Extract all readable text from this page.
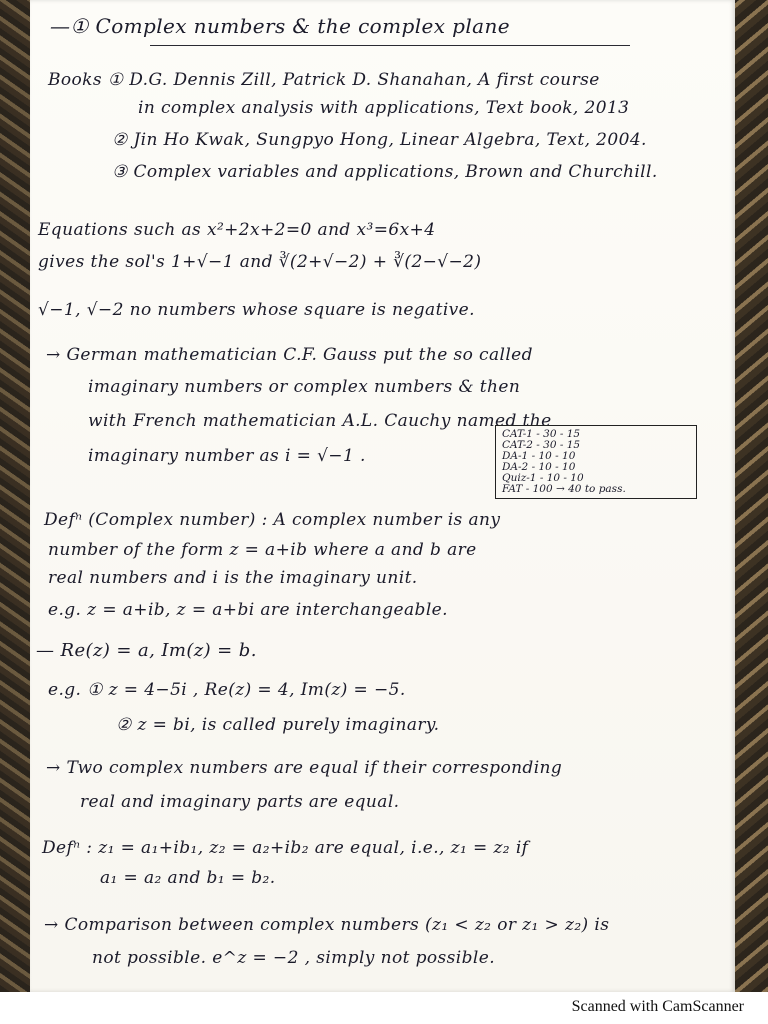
—① Complex numbers & the complex plane
Books ① D.G. Dennis Zill, Patrick D. Shanahan, A first course
in complex analysis with applications, Text book, 2013
② Jin Ho Kwak, Sungpyo Hong, Linear Algebra, Text, 2004.
③ Complex variables and applications, Brown and Churchill.
Equations such as x²+2x+2=0 and x³=6x+4
gives the sol's 1+√−1 and ∛(2+√−2) + ∛(2−√−2)
√−1, √−2 no numbers whose square is negative.
→ German mathematician C.F. Gauss put the so called
imaginary numbers or complex numbers & then
with French mathematician A.L. Cauchy named the
imaginary number as i = √−1 .
CAT-1 - 30 - 15
CAT-2 - 30 - 15
DA-1 - 10 - 10
DA-2 - 10 - 10
Quiz-1 - 10 - 10
FAT - 100 → 40 to pass.
Defⁿ (Complex number) : A complex number is any
number of the form z = a+ib where a and b are
real numbers and i is the imaginary unit.
e.g. z = a+ib, z = a+bi are interchangeable.
— Re(z) = a, Im(z) = b.
e.g. ① z = 4−5i , Re(z) = 4, Im(z) = −5.
② z = bi, is called purely imaginary.
→ Two complex numbers are equal if their corresponding
real and imaginary parts are equal.
Defⁿ : z₁ = a₁+ib₁, z₂ = a₂+ib₂ are equal, i.e., z₁ = z₂ if
a₁ = a₂ and b₁ = b₂.
→ Comparison between complex numbers (z₁ < z₂ or z₁ > z₂) is
not possible. e^z = −2 , simply not possible.
Scanned with CamScanner
